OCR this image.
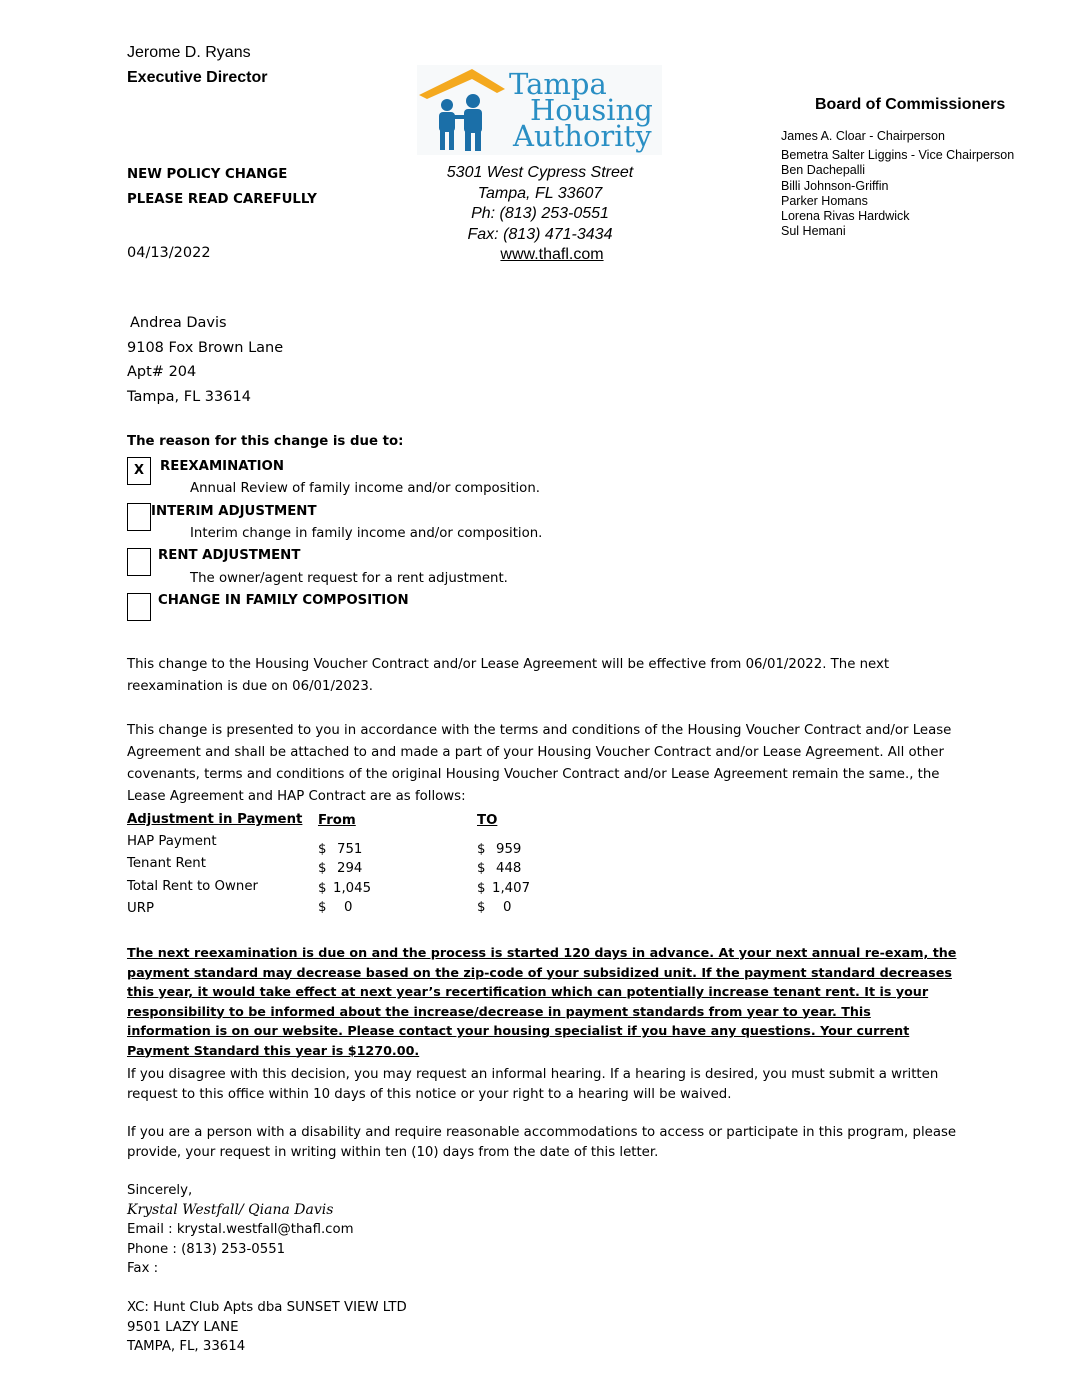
Jerome D. Ryans
Executive Director
NEW POLICY CHANGE
PLEASE READ CAREFULLY
04/13/2022
Tampa
Housing
Authority

5301 West Cypress Street

Tampa, FL 33607

Ph: (813) 253-0551

Fax: (813) 471-3434

www.thafl.com

Board of Commissioners

James A. Cloar - Chairperson

Bemetra Salter Liggins - Vice Chairperson

Ben Dachepalli

Billi Johnson-Griffin

Parker Homans

Lorena Rivas Hardwick

Sul Hemani

Andrea Davis

9108 Fox Brown Lane

Apt# 204

Tampa, FL 33614

The reason for this change is due to:
X	REEXAMINATION
Annual Review of family income and/or composition.
INTERIM ADJUSTMENT
Interim change in family income and/or composition.
RENT ADJUSTMENT
The owner/agent request for a rent adjustment.
CHANGE IN FAMILY COMPOSITION
This change to the Housing Voucher Contract and/or Lease Agreement will be effective from 06/01/2022. The next reexamination is due on 06/01/2023.
This change is presented to you in accordance with the terms and conditions of the Housing Voucher Contract and/or Lease Agreement and shall be attached to and made a part of your Housing Voucher Contract and/or Lease Agreement. All other covenants, terms and conditions of the original Housing Voucher Contract and/or Lease Agreement remain the same., the Lease Agreement and HAP Contract are as follows:
Adjustment in Payment From	TO
HAP Payment
Tenant Rent
Total Rent to Owner
URP
$ 751
$ 294
$ 1,045
$ 0
$ 959
$ 448
$ 1,407
$ 0
The next reexamination is due on and the process is started 120 days in advance. At your next annual re-exam, the payment standard may decrease based on the zip-code of your subsidized unit. If the payment standard decreases this year, it would take effect at next year’s recertification which can potentially increase tenant rent. It is your responsibility to be informed about the increase/decrease in payment standards from year to year. This information is on our website. Please contact your housing specialist if you have any questions. Your current Payment Standard this year is $1270.00.
If you disagree with this decision, you may request an informal hearing. If a hearing is desired, you must submit a written request to this office within 10 days of this notice or your right to a hearing will be waived.
If you are a person with a disability and require reasonable accommodations to access or participate in this program, please provide, your request in writing within ten (10) days from the date of this letter.

Sincerely,

Krystal Westfall/ Qiana Davis

Email : krystal.westfall@thafl.com

Phone : (813) 253-0551

Fax :

XC: Hunt Club Apts dba SUNSET VIEW LTD

9501 LAZY LANE

TAMPA, FL, 33614
